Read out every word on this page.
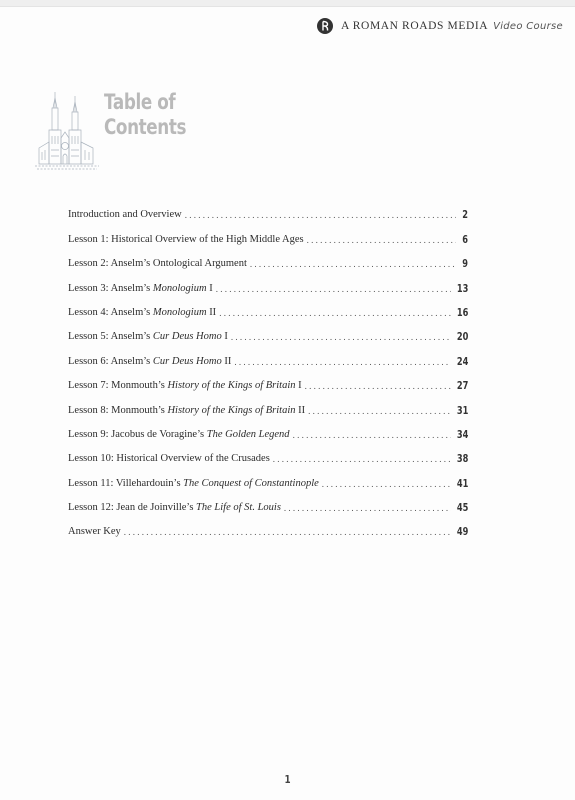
A ROMAN ROADS MEDIA Video Course
Table of
Contents
Introduction and Overview . . .	2
Lesson 1: Historical Overview of the High Middle Ages . . .	6
Lesson 2: Anselm’s Ontological Argument . . .	9
Lesson 3: Anselm’s Monologium I . . .	13
Lesson 4: Anselm’s Monologium II . . .	16
Lesson 5: Anselm’s Cur Deus Homo I . . .	20
Lesson 6: Anselm’s Cur Deus Homo II . . .	24
Lesson 7: Monmouth’s History of the Kings of Britain I . . .	27
Lesson 8: Monmouth’s History of the Kings of Britain II . . .	31
Lesson 9: Jacobus de Voragine’s The Golden Legend . . .	34
Lesson 10: Historical Overview of the Crusades . . .	38
Lesson 11: Villehardouin’s The Conquest of Constantinople . . .	41
Lesson 12: Jean de Joinville’s The Life of St. Louis . . .	45
Answer Key . . .	49
1
